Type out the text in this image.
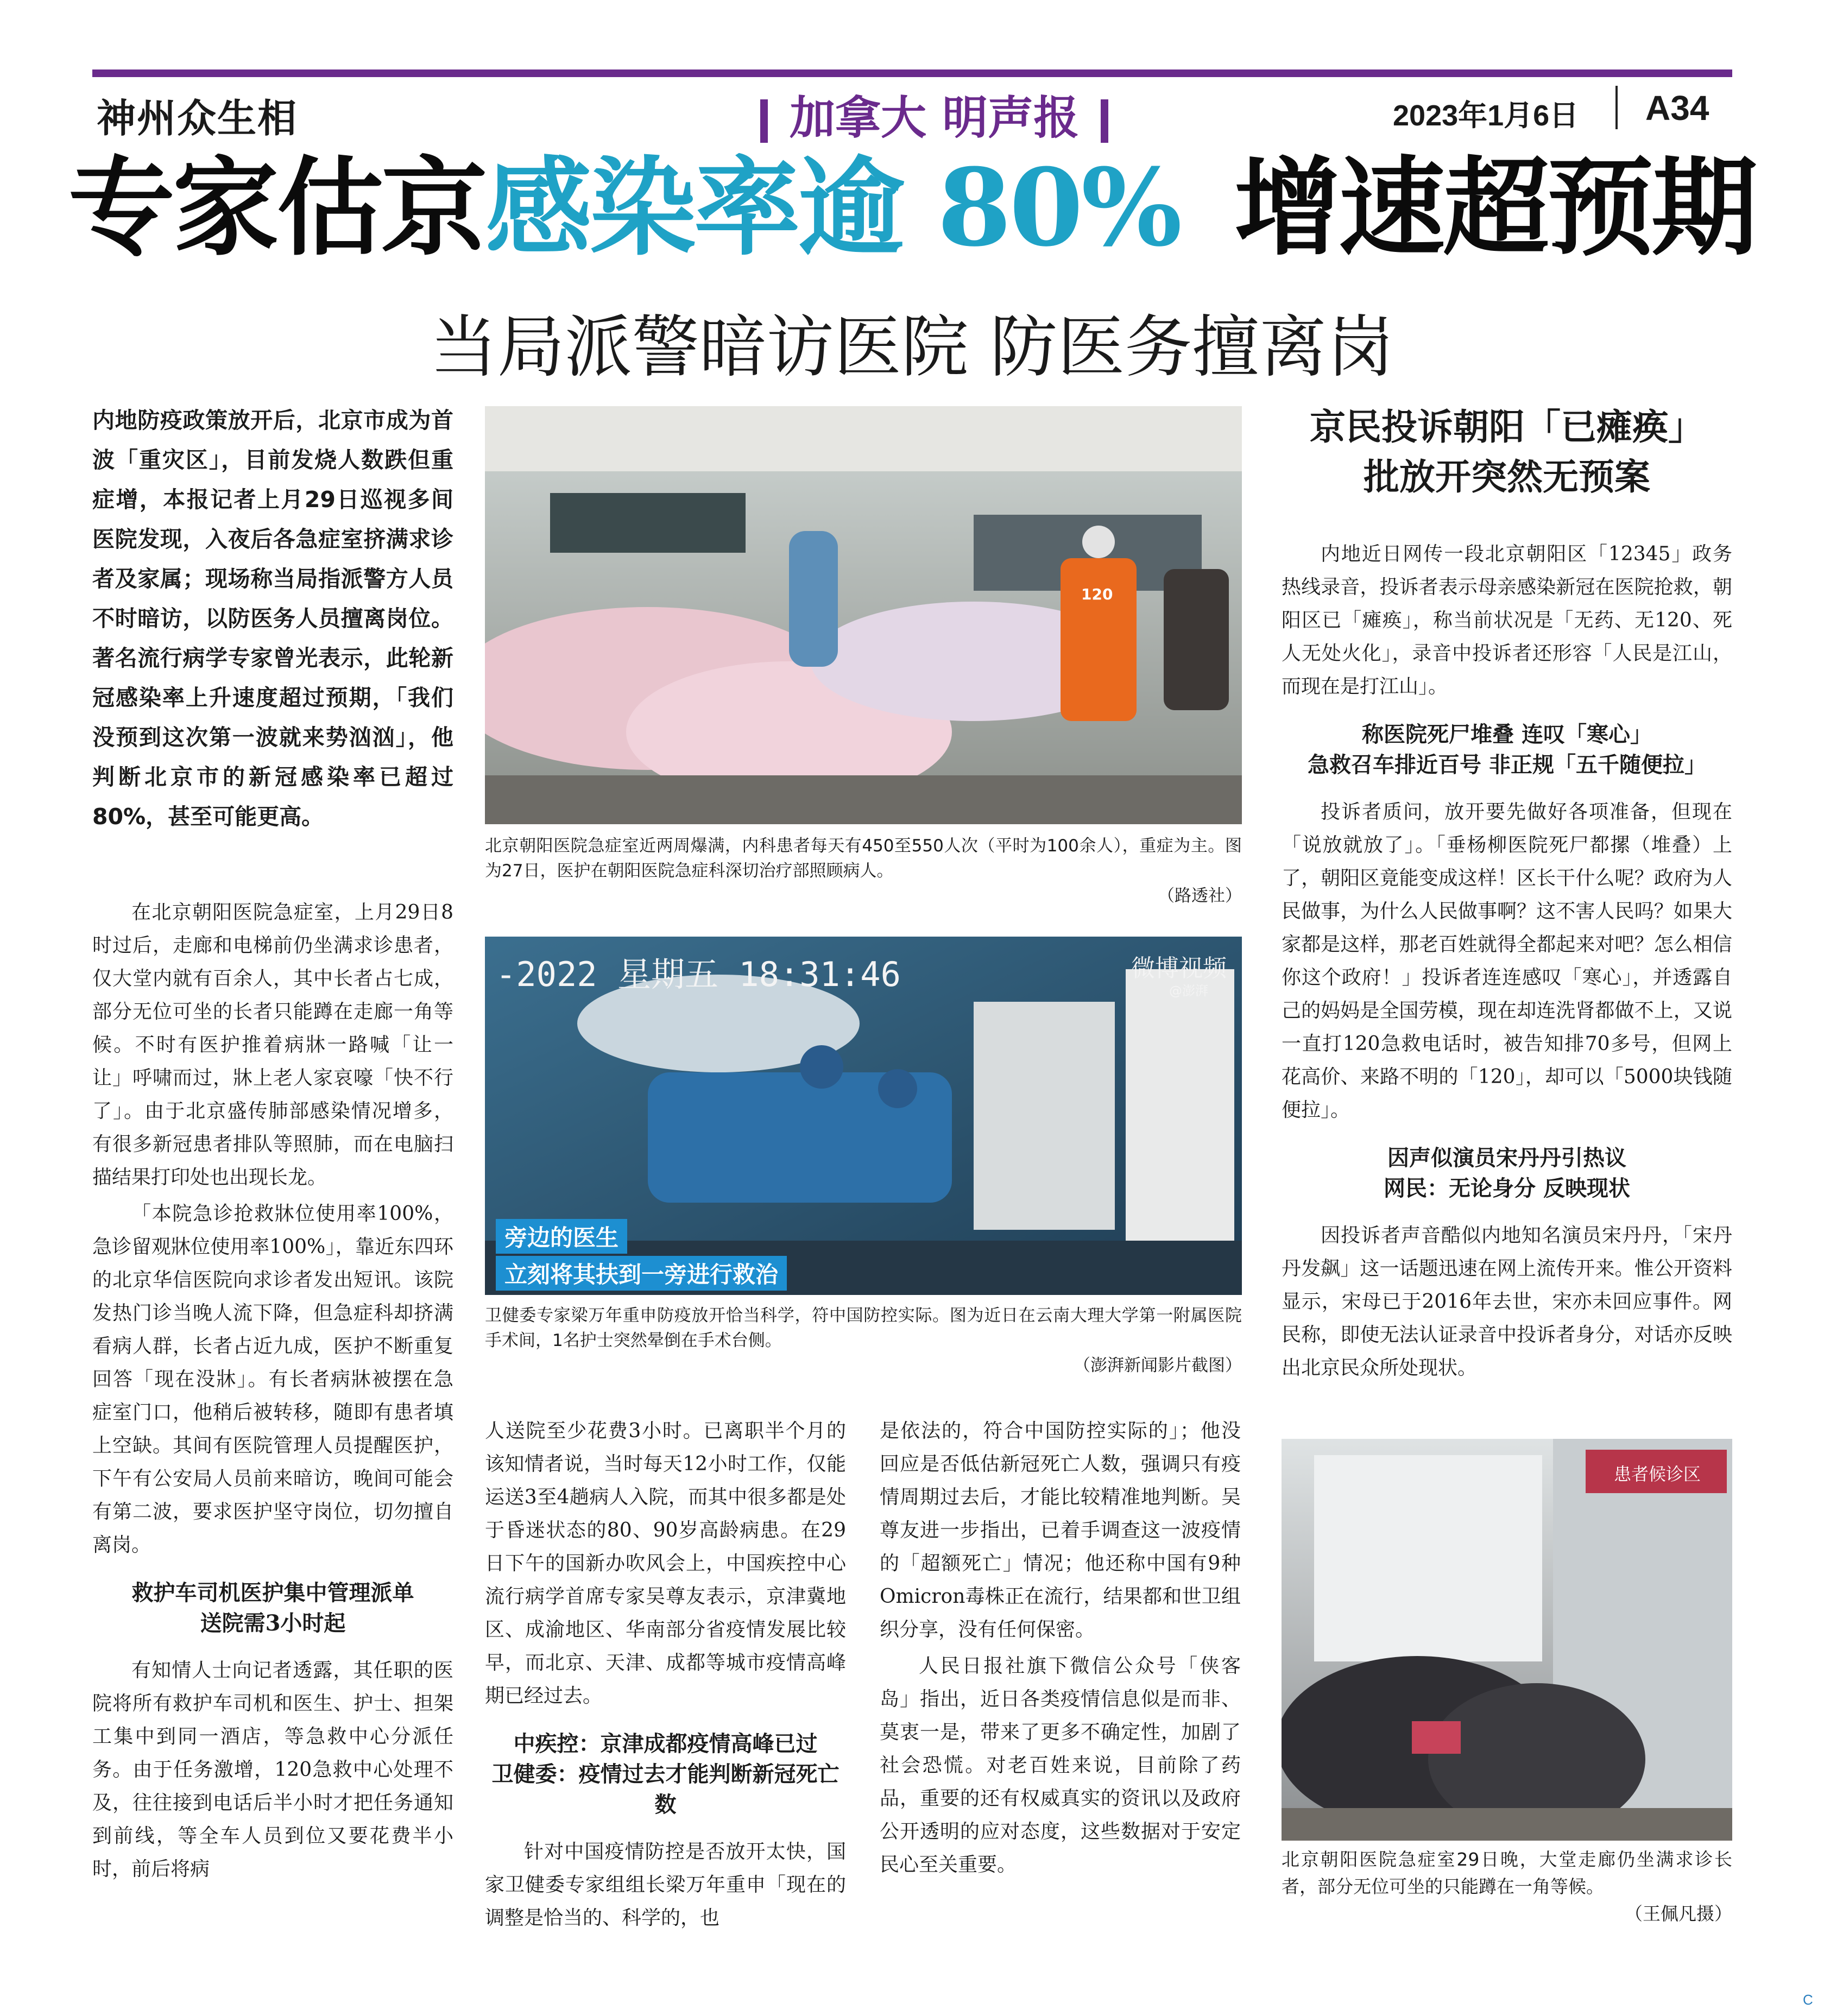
神州众生相	加拿大 明声报	2023年1月6日 A34
专家估京感染率逾 80% 增速超预期
当局派警暗访医院 防医务擅离岗
内地防疫政策放开后，北京市成为首波「重灾区」，目前发烧人数跌但重症增，本报记者上月29日巡视多间医院发现，入夜后各急症室挤满求诊者及家属；现场称当局指派警方人员不时暗访，以防医务人员擅离岗位。著名流行病学专家曾光表示，此轮新冠感染率上升速度超过预期，「我们没预到这次第一波就来势汹汹」，他判断北京市的新冠感染率已超过80%，甚至可能更高。

在北京朝阳医院急症室，上月29日8时过后，走廊和电梯前仍坐满求诊患者，仅大堂内就有百余人，其中长者占七成，部分无位可坐的长者只能蹲在走廊一角等候。不时有医护推着病牀一路喊「让一让」呼啸而过，牀上老人家哀嚎「快不行了」。由于北京盛传肺部感染情况增多，有很多新冠患者排队等照肺，而在电脑扫描结果打印处也出现长龙。

「本院急诊抢救牀位使用率100%，急诊留观牀位使用率100%」，靠近东四环的北京华信医院向求诊者发出短讯。该院发热门诊当晚人流下降，但急症科却挤满看病人群，长者占近九成，医护不断重复回答「现在没牀」。有长者病牀被摆在急症室门口，他稍后被转移，随即有患者填上空缺。其间有医院管理人员提醒医护，下午有公安局人员前来暗访，晚间可能会有第二波，要求医护坚守岗位，切勿擅自离岗。

救护车司机医护集中管理派单
送院需3小时起

有知情人士向记者透露，其任职的医院将所有救护车司机和医生、护士、担架工集中到同一酒店，等急救中心分派任务。由于任务激增，120急救中心处理不及，往往接到电话后半小时才把任务通知到前线，等全车人员到位又要花费半小时，前后将病

120
北京朝阳医院急症室近两周爆满，内科患者每天有450至550人次（平时为100余人），重症为主。图为27日，医护在朝阳医院急症科深切治疗部照顾病人。
（路透社）
-2022 星期五 18:31:46	微博视频
@澎湃
旁边的医生
立刻将其扶到一旁进行救治
卫健委专家梁万年重申防疫放开恰当科学，符中国防控实际。图为近日在云南大理大学第一附属医院手术间，1名护士突然晕倒在手术台侧。
（澎湃新闻影片截图）

人送院至少花费3小时。已离职半个月的该知情者说，当时每天12小时工作，仅能运送3至4趟病人入院，而其中很多都是处于昏迷状态的80、90岁高龄病患。在29日下午的国新办吹风会上，中国疾控中心流行病学首席专家吴尊友表示，京津冀地区、成渝地区、华南部分省疫情发展比较早，而北京、天津、成都等城市疫情高峰期已经过去。

中疾控：京津成都疫情高峰已过
卫健委：疫情过去才能判断新冠死亡数

针对中国疫情防控是否放开太快，国家卫健委专家组组长梁万年重申「现在的调整是恰当的、科学的，也

是依法的，符合中国防控实际的」；他没回应是否低估新冠死亡人数，强调只有疫情周期过去后，才能比较精准地判断。吴尊友进一步指出，已着手调查这一波疫情的「超额死亡」情况；他还称中国有9种Omicron毒株正在流行，结果都和世卫组织分享，没有任何保密。

人民日报社旗下微信公众号「侠客岛」指出，近日各类疫情信息似是而非、莫衷一是，带来了更多不确定性，加剧了社会恐慌。对老百姓来说，目前除了药品，重要的还有权威真实的资讯以及政府公开透明的应对态度，这些数据对于安定民心至关重要。

京民投诉朝阳「已瘫痪」
批放开突然无预案

内地近日网传一段北京朝阳区「12345」政务热线录音，投诉者表示母亲感染新冠在医院抢救，朝阳区已「瘫痪」，称当前状况是「无药、无120、死人无处火化」，录音中投诉者还形容「人民是江山，而现在是打江山」。

称医院死尸堆叠 连叹「寒心」
急救召车排近百号 非正规「五千随便拉」

投诉者质问，放开要先做好各项准备，但现在「说放就放了」。「垂杨柳医院死尸都摞（堆叠）上了，朝阳区竟能变成这样！区长干什么呢？政府为人民做事，为什么人民做事啊？这不害人民吗？如果大家都是这样，那老百姓就得全都起来对吧？怎么相信你这个政府！」投诉者连连感叹「寒心」，并透露自己的妈妈是全国劳模，现在却连洗肾都做不上，又说一直打120急救电话时，被告知排70多号，但网上花高价、来路不明的「120」，却可以「5000块钱随便拉」。

因声似演员宋丹丹引热议
网民：无论身分 反映现状

因投诉者声音酷似内地知名演员宋丹丹，「宋丹丹发飙」这一话题迅速在网上流传开来。惟公开资料显示，宋母已于2016年去世，宋亦未回应事件。网民称，即使无法认证录音中投诉者身分，对话亦反映出北京民众所处现状。

患者候诊区
北京朝阳医院急症室29日晚，大堂走廊仍坐满求诊长者，部分无位可坐的只能蹲在一角等候。
（王佩凡摄）
C
